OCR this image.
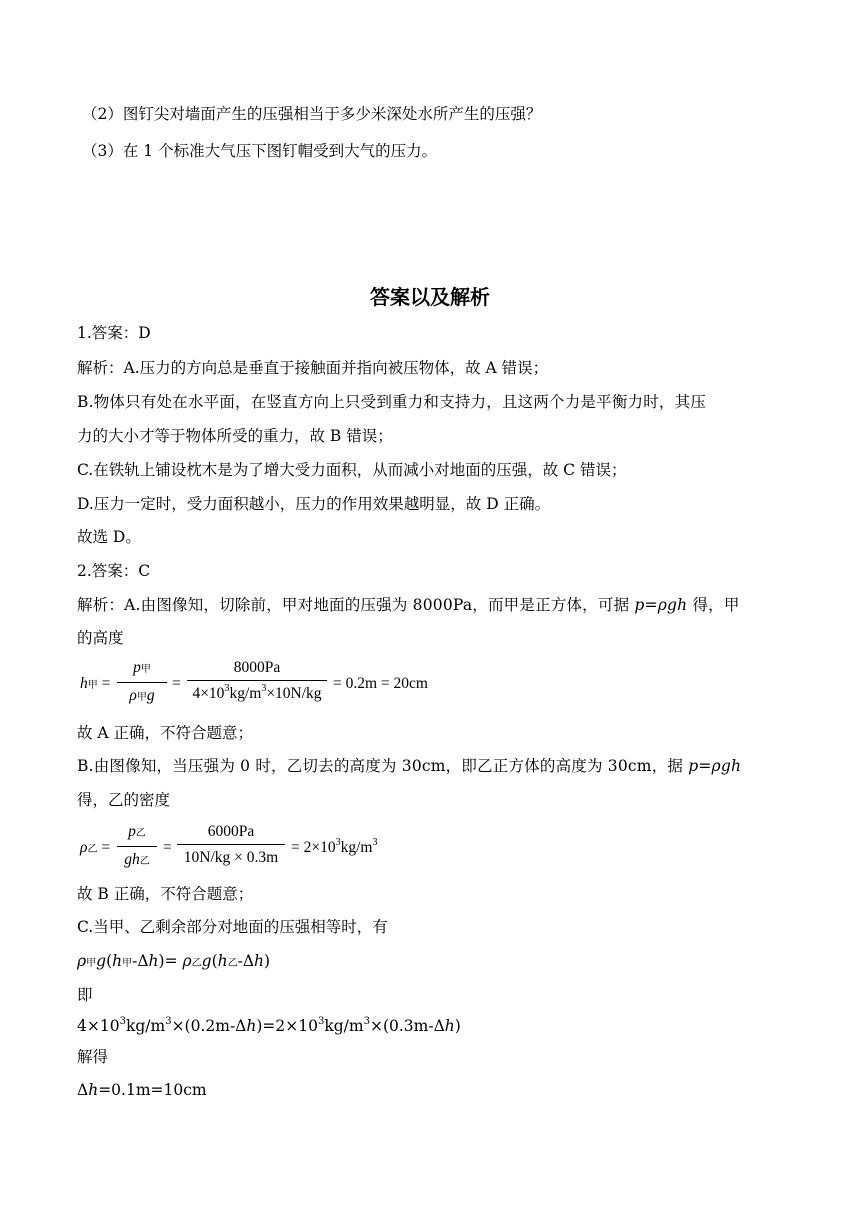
（2）图钉尖对墙面产生的压强相当于多少米深处水所产生的压强？
（3）在 1 个标准大气压下图钉帽受到大气的压力。
答案以及解析
1.答案：D
解析：A.压力的方向总是垂直于接触面并指向被压物体，故 A 错误；
B.物体只有处在水平面，在竖直方向上只受到重力和支持力，且这两个力是平衡力时，其压
力的大小才等于物体所受的重力，故 B 错误；
C.在铁轨上铺设枕木是为了增大受力面积，从而减小对地面的压强，故 C 错误；
D.压力一定时，受力面积越小，压力的作用效果越明显，故 D 正确。
故选 D。
2.答案：C
解析：A.由图像知，切除前，甲对地面的压强为 8000Pa，而甲是正方体，可据 p=ρgh 得，甲
的高度
h甲 =
p甲
ρ甲g
=
8000Pa
$4\times 10^3kg/m^3\times 10N/kg$
= 0.2m = 20cm
故 A 正确，不符合题意；
B.由图像知，当压强为 0 时，乙切去的高度为 30cm，即乙正方体的高度为 30cm，据 p=ρgh
得，乙的密度
ρ乙 =
p乙
gh乙
=
6000Pa
10N/kg × 0.3m
= $2\times 10^3kg/m^3$
故 B 正确，不符合题意；
C.当甲、乙剩余部分对地面的压强相等时，有
ρ甲g(h甲-Δh)= ρ乙g(h乙-Δh)
即
$4\times 10^3kg/m^3\times(0.2m-\Delta h)=2\times 10^3kg/m^3\times(0.3m-\Delta h)$
解得
Δh=0.1m=10cm
